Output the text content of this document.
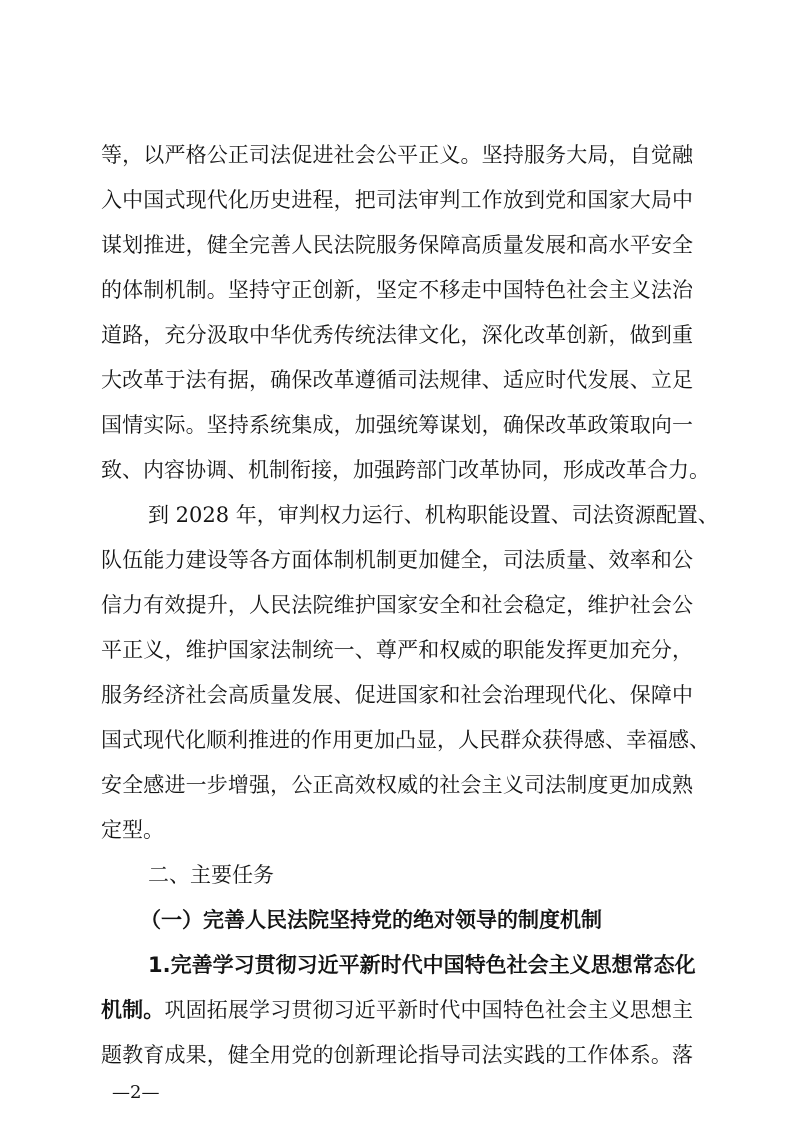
等，以严格公正司法促进社会公平正义。坚持服务大局，自觉融
入中国式现代化历史进程，把司法审判工作放到党和国家大局中
谋划推进，健全完善人民法院服务保障高质量发展和高水平安全
的体制机制。坚持守正创新，坚定不移走中国特色社会主义法治
道路，充分汲取中华优秀传统法律文化，深化改革创新，做到重
大改革于法有据，确保改革遵循司法规律、适应时代发展、立足
国情实际。坚持系统集成，加强统筹谋划，确保改革政策取向一
致、内容协调、机制衔接，加强跨部门改革协同，形成改革合力。
到 2028 年，审判权力运行、机构职能设置、司法资源配置、
队伍能力建设等各方面体制机制更加健全，司法质量、效率和公
信力有效提升，人民法院维护国家安全和社会稳定，维护社会公
平正义，维护国家法制统一、尊严和权威的职能发挥更加充分，
服务经济社会高质量发展、促进国家和社会治理现代化、保障中
国式现代化顺利推进的作用更加凸显，人民群众获得感、幸福感、
安全感进一步增强，公正高效权威的社会主义司法制度更加成熟
定型。
二、主要任务
（一）完善人民法院坚持党的绝对领导的制度机制
1.完善学习贯彻习近平新时代中国特色社会主义思想常态化
机制。巩固拓展学习贯彻习近平新时代中国特色社会主义思想主
题教育成果，健全用党的创新理论指导司法实践的工作体系。落
—2—
